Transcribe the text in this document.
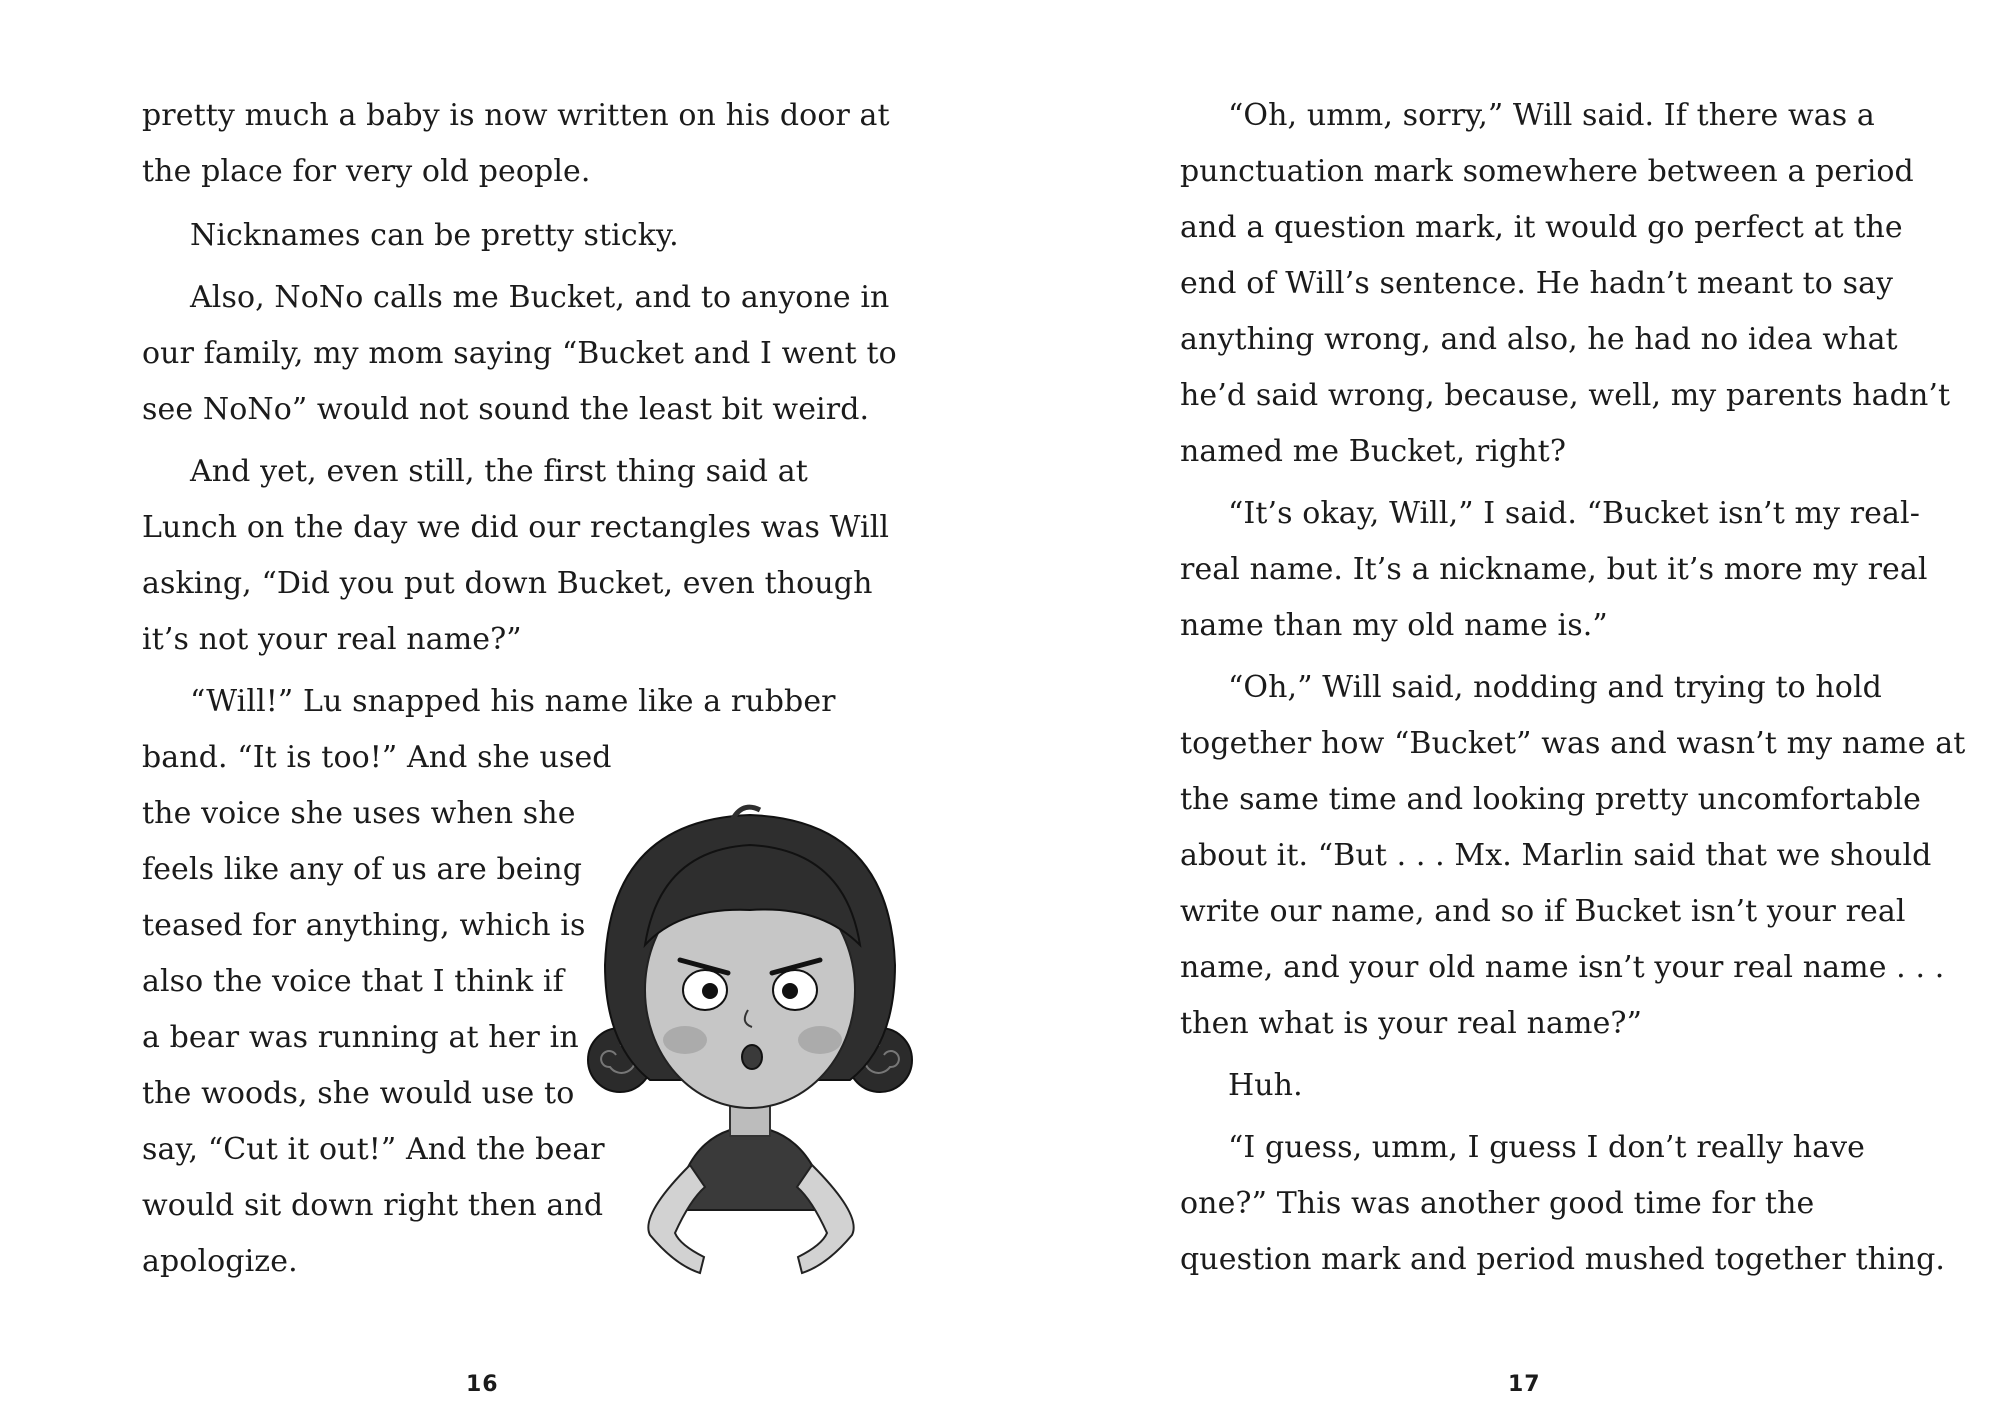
pretty much a baby is now written on his door at
the place for very old people.
Nicknames can be pretty sticky.
Also, NoNo calls me Bucket, and to anyone in
our family, my mom saying “Bucket and I went to
see NoNo” would not sound the least bit weird.
And yet, even still, the first thing said at
Lunch on the day we did our rectangles was Will
asking, “Did you put down Bucket, even though
it’s not your real name?”
“Will!” Lu snapped his name like a rubber
band. “It is too!” And she used
the voice she uses when she
feels like any of us are being
teased for anything, which is
also the voice that I think if
a bear was running at her in
the woods, she would use to
say, “Cut it out!” And the bear
would sit down right then and
apologize.
16
“Oh, umm, sorry,” Will said. If there was a
punctuation mark somewhere between a period
and a question mark, it would go perfect at the
end of Will’s sentence. He hadn’t meant to say
anything wrong, and also, he had no idea what
he’d said wrong, because, well, my parents hadn’t
named me Bucket, right?
“It’s okay, Will,” I said. “Bucket isn’t my real-
real name. It’s a nickname, but it’s more my real
name than my old name is.”
“Oh,” Will said, nodding and trying to hold
together how “Bucket” was and wasn’t my name at
the same time and looking pretty uncomfortable
about it. “But . . . Mx. Marlin said that we should
write our name, and so if Bucket isn’t your real
name, and your old name isn’t your real name . . .
then what is your real name?”
Huh.
“I guess, umm, I guess I don’t really have
one?” This was another good time for the
question mark and period mushed together thing.
17
